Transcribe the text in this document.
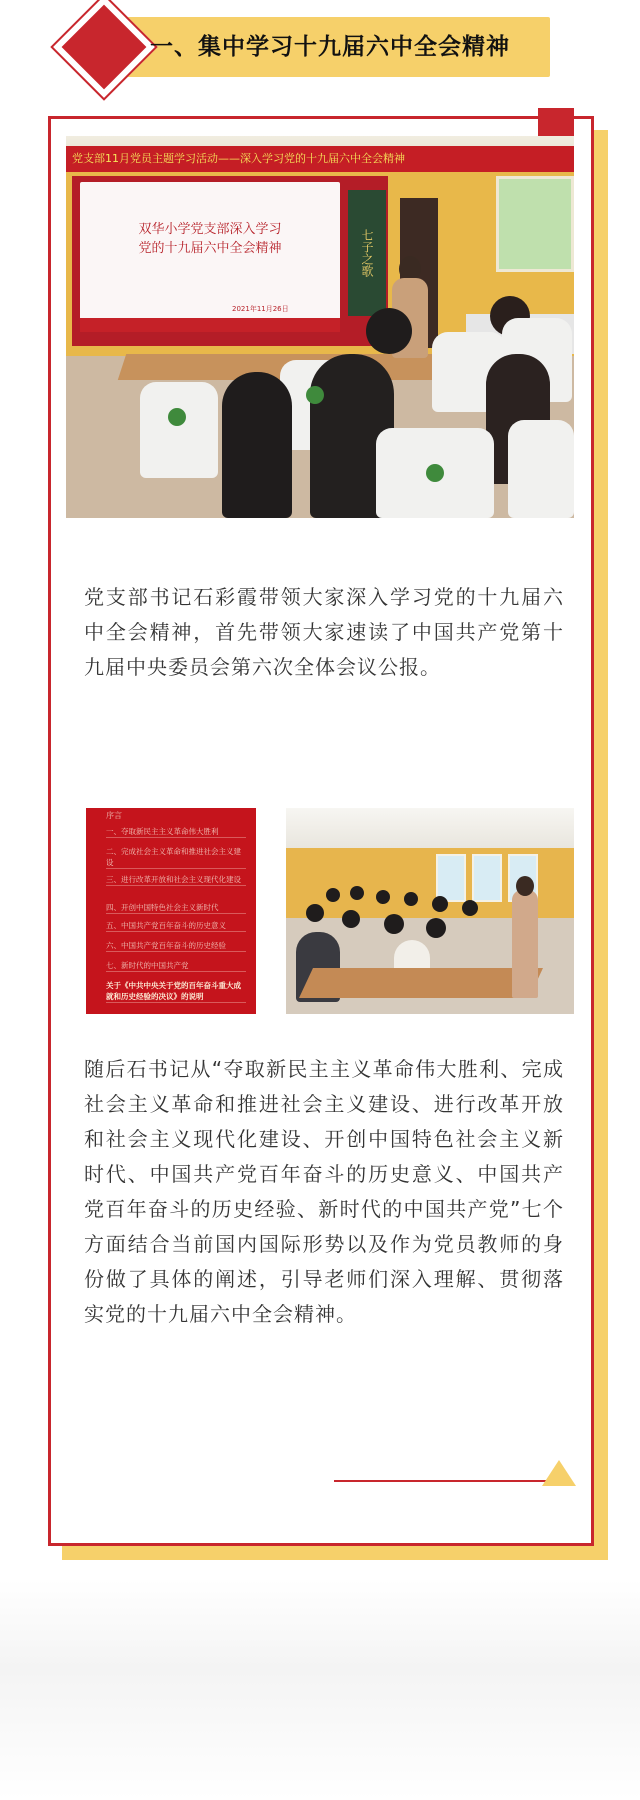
一、集中学习十九届六中全会精神
党支部11月党员主题学习活动——深入学习党的十九届六中全会精神
双华小学党支部深入学习
党的十九届六中全会精神
2021年11月26日
七子之歌

党支部书记石彩霞带领大家深入学习党的十九届六中全会精神，首先带领大家速读了中国共产党第十九届中央委员会第六次全体会议公报。

序言
一、夺取新民主主义革命伟大胜利
二、完成社会主义革命和推进社会主义建设
三、进行改革开放和社会主义现代化建设
四、开创中国特色社会主义新时代
五、中国共产党百年奋斗的历史意义
六、中国共产党百年奋斗的历史经验
七、新时代的中国共产党
关于《中共中央关于党的百年奋斗重大成就和历史经验的决议》的说明

随后石书记从“夺取新民主主义革命伟大胜利、完成社会主义革命和推进社会主义建设、进行改革开放和社会主义现代化建设、开创中国特色社会主义新时代、中国共产党百年奋斗的历史意义、中国共产党百年奋斗的历史经验、新时代的中国共产党”七个方面结合当前国内国际形势以及作为党员教师的身份做了具体的阐述，引导老师们深入理解、贯彻落实党的十九届六中全会精神。
